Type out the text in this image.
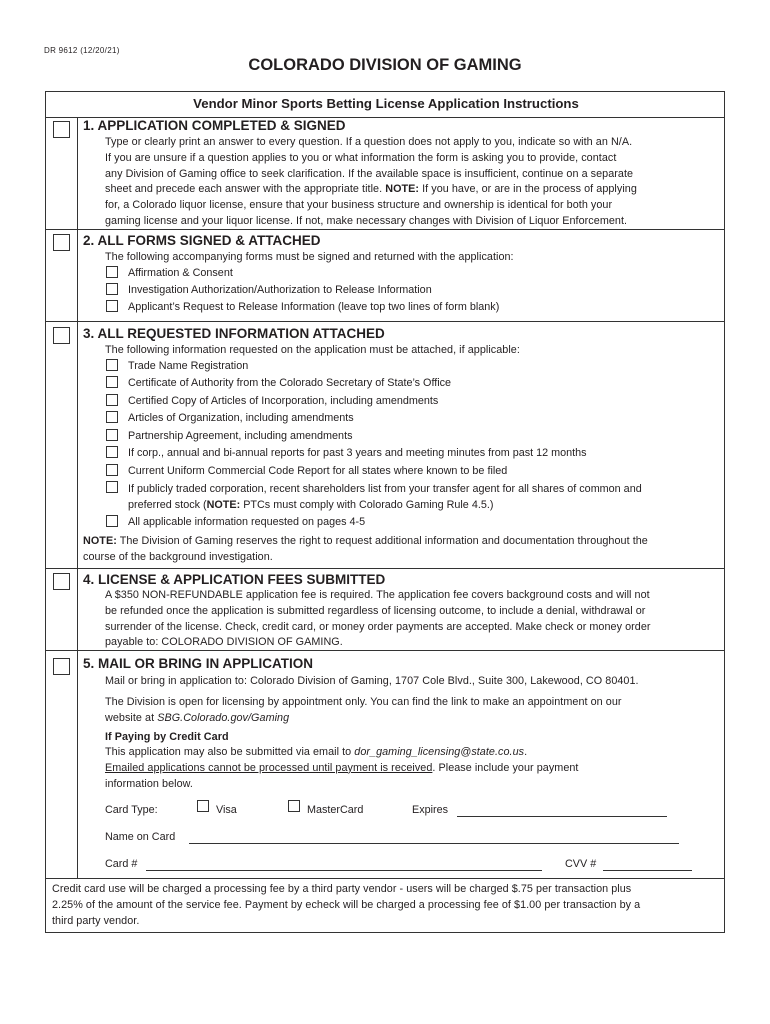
DR 9612 (12/20/21)
COLORADO DIVISION OF GAMING
Vendor Minor Sports Betting License Application Instructions
1. APPLICATION COMPLETED & SIGNED
Type or clearly print an answer to every question. If a question does not apply to you, indicate so with an N/A.
If you are unsure if a question applies to you or what information the form is asking you to provide, contact
any Division of Gaming office to seek clarification. If the available space is insufficient, continue on a separate
sheet and precede each answer with the appropriate title. NOTE: If you have, or are in the process of applying
for, a Colorado liquor license, ensure that your business structure and ownership is identical for both your
gaming license and your liquor license. If not, make necessary changes with Division of Liquor Enforcement.
2. ALL FORMS SIGNED & ATTACHED
The following accompanying forms must be signed and returned with the application:
Affirmation & Consent
Investigation Authorization/Authorization to Release Information
Applicant’s Request to Release Information (leave top two lines of form blank)
3. ALL REQUESTED INFORMATION ATTACHED
The following information requested on the application must be attached, if applicable:
Trade Name Registration
Certificate of Authority from the Colorado Secretary of State’s Office
Certified Copy of Articles of Incorporation, including amendments
Articles of Organization, including amendments
Partnership Agreement, including amendments
If corp., annual and bi-annual reports for past 3 years and meeting minutes from past 12 months
Current Uniform Commercial Code Report for all states where known to be filed
If publicly traded corporation, recent shareholders list from your transfer agent for all shares of common and
preferred stock (NOTE: PTCs must comply with Colorado Gaming Rule 4.5.)
All applicable information requested on pages 4-5
NOTE: The Division of Gaming reserves the right to request additional information and documentation throughout the
course of the background investigation.
4. LICENSE & APPLICATION FEES SUBMITTED
A $350 NON-REFUNDABLE application fee is required. The application fee covers background costs and will not
be refunded once the application is submitted regardless of licensing outcome, to include a denial, withdrawal or
surrender of the license. Check, credit card, or money order payments are accepted. Make check or money order
payable to: COLORADO DIVISION OF GAMING.
5. MAIL OR BRING IN APPLICATION
Mail or bring in application to: Colorado Division of Gaming, 1707 Cole Blvd., Suite 300, Lakewood, CO 80401.
The Division is open for licensing by appointment only. You can find the link to make an appointment on our
website at SBG.Colorado.gov/Gaming
If Paying by Credit Card
This application may also be submitted via email to dor_gaming_licensing@state.co.us.
Emailed applications cannot be processed until payment is received. Please include your payment
information below.
Card Type:	Visa	MasterCard	Expires
Name on Card
Card #	CVV #
Credit card use will be charged a processing fee by a third party vendor - users will be charged $.75 per transaction plus
2.25% of the amount of the service fee. Payment by echeck will be charged a processing fee of $1.00 per transaction by a
third party vendor.
